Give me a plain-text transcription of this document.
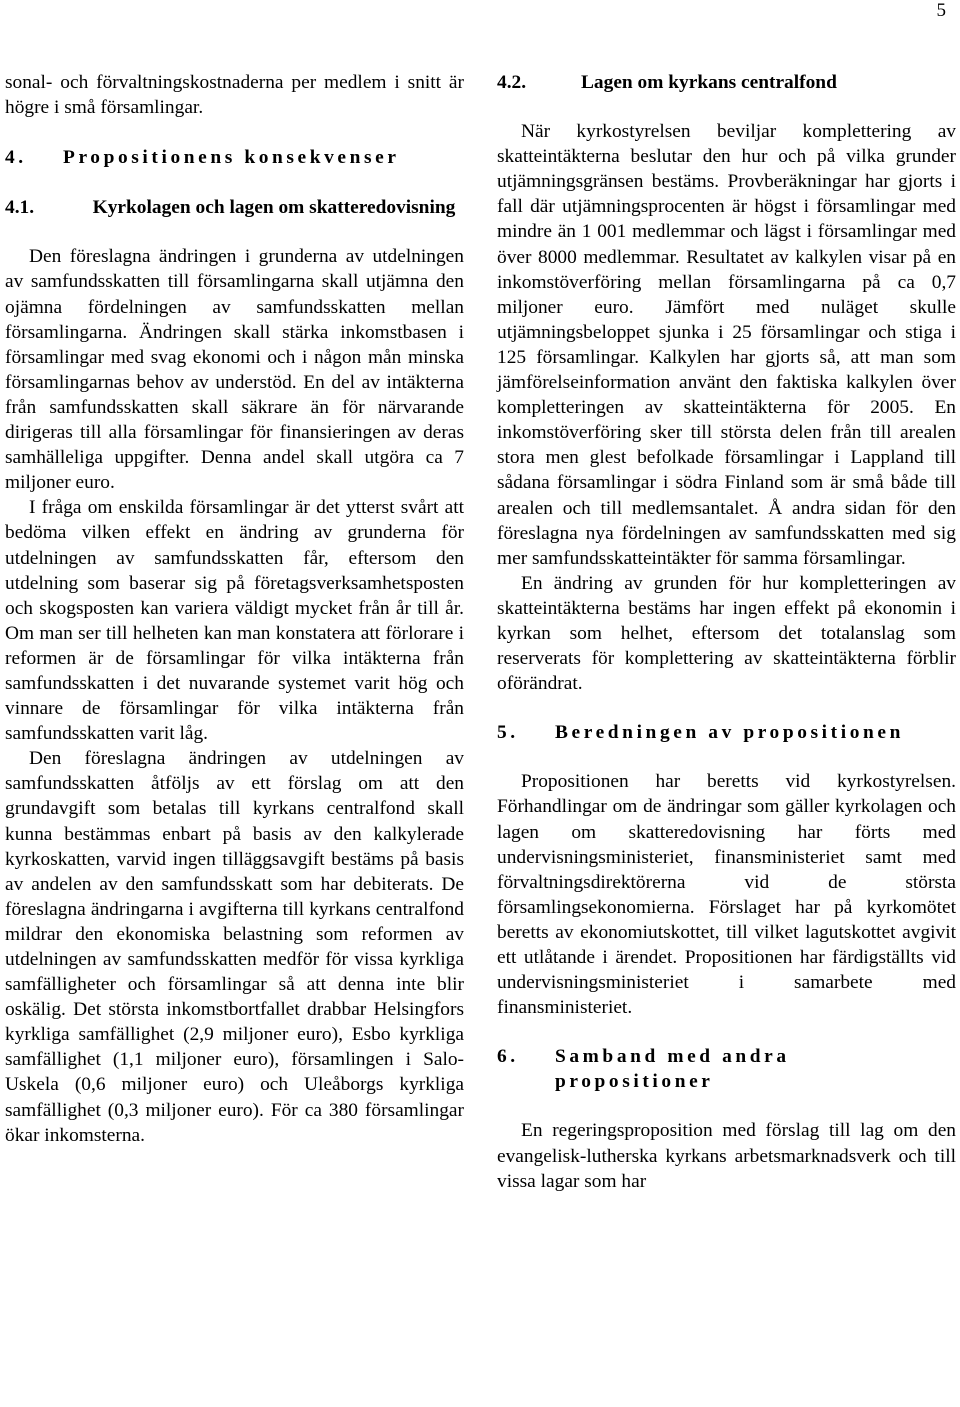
5

sonal- och förvaltningskostnaderna per medlem i snitt är högre i små församlingar.

4. Propositionens konsekvenser

4.1.	Kyrkolagen och lagen om skatteredovisning

Den föreslagna ändringen i grunderna av utdelningen av samfundsskatten till församlingarna skall utjämna den ojämna fördelningen av samfundsskatten mellan församlingarna. Ändringen skall stärka inkomstbasen i församlingar med svag ekonomi och i någon mån minska församlingarnas behov av understöd. En del av intäkterna från samfundsskatten skall säkrare än för närvarande dirigeras till alla församlingar för finansieringen av deras samhälleliga uppgifter. Denna andel skall utgöra ca 7 miljoner euro.

I fråga om enskilda församlingar är det ytterst svårt att bedöma vilken effekt en ändring av grunderna för utdelningen av samfundsskatten får, eftersom den utdelning som baserar sig på företagsverksamhetsposten och skogsposten kan variera väldigt mycket från år till år. Om man ser till helheten kan man konstatera att förlorare i reformen är de församlingar för vilka intäkterna från samfundsskatten i det nuvarande systemet varit hög och vinnare de församlingar för vilka intäkterna från samfundsskatten varit låg.

Den föreslagna ändringen av utdelningen av samfundsskatten åtföljs av ett förslag om att den grundavgift som betalas till kyrkans centralfond skall kunna bestämmas enbart på basis av den kalkylerade kyrkoskatten, varvid ingen tilläggsavgift bestäms på basis av andelen av den samfundsskatt som har debiterats. De föreslagna ändringarna i avgifterna till kyrkans centralfond mildrar den ekonomiska belastning som reformen av utdelningen av samfundsskatten medför för vissa kyrkliga samfälligheter och församlingar så att denna inte blir oskälig. Det största inkomstbortfallet drabbar Helsingfors kyrkliga samfällighet (2,9 miljoner euro), Esbo kyrkliga samfällighet (1,1 miljoner euro), församlingen i Salo-Uskela (0,6 miljoner euro) och Uleåborgs kyrkliga samfällighet (0,3 miljoner euro). För ca 380 församlingar ökar inkomsterna.

4.2.	Lagen om kyrkans centralfond

När kyrkostyrelsen beviljar komplettering av skatteintäkterna beslutar den hur och på vilka grunder utjämningsgränsen bestäms. Provberäkningar har gjorts i fall där utjämningsprocenten är högst i församlingar med mindre än 1 001 medlemmar och lägst i församlingar med över 8000 medlemmar. Resultatet av kalkylen visar på en inkomstöverföring mellan församlingarna på ca 0,7 miljoner euro. Jämfört med nuläget skulle utjämningsbeloppet sjunka i 25 församlingar och stiga i 125 församlingar. Kalkylen har gjorts så, att man som jämförelseinformation använt den faktiska kalkylen över kompletteringen av skatteintäkterna för 2005. En inkomstöverföring sker till största delen från till arealen stora men glest befolkade församlingar i Lappland till sådana församlingar i södra Finland som är små både till arealen och till medlemsantalet. Å andra sidan för den föreslagna nya fördelningen av samfundsskatten med sig mer samfundsskatteintäkter för samma församlingar.

En ändring av grunden för hur kompletteringen av skatteintäkterna bestäms har ingen effekt på ekonomin i kyrkan som helhet, eftersom det totalanslag som reserverats för komplettering av skatteintäkterna förblir oförändrat.

5. Beredningen av propositionen

Propositionen har beretts vid kyrkostyrelsen. Förhandlingar om de ändringar som gäller kyrkolagen och lagen om skatteredovisning har förts med undervisningsministeriet, finansministeriet samt med förvaltningsdirektörerna vid de största församlingsekonomierna. Förslaget har på kyrkomötet beretts av ekonomiutskottet, till vilket lagutskottet avgivit ett utlåtande i ärendet. Propositionen har färdigställts vid undervisningsministeriet i samarbete med finansministeriet.

6. Samband med andra propositioner

En regeringsproposition med förslag till lag om den evangelisk-lutherska kyrkans arbetsmarknadsverk och till vissa lagar som har
